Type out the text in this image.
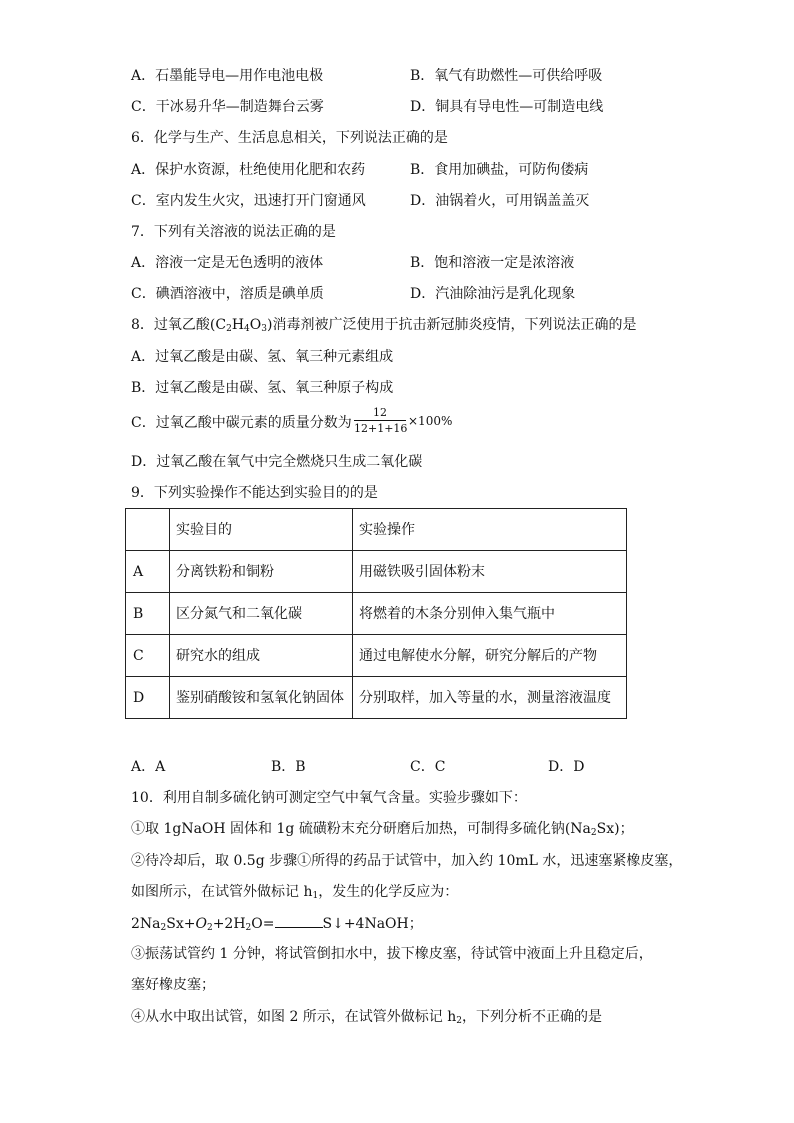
A．石墨能导电—用作电池电极	B．氧气有助燃性—可供给呼吸
C．干冰易升华—制造舞台云雾	D．铜具有导电性—可制造电线
6．化学与生产、生活息息相关，下列说法正确的是
A．保护水资源，杜绝使用化肥和农药	B．食用加碘盐，可防佝偻病
C．室内发生火灾，迅速打开门窗通风	D．油锅着火，可用锅盖盖灭
7．下列有关溶液的说法正确的是
A．溶液一定是无色透明的液体	B．饱和溶液一定是浓溶液
C．碘酒溶液中，溶质是碘单质	D．汽油除油污是乳化现象
8．过氧乙酸$(C_2H_4O_3)$消毒剂被广泛使用于抗击新冠肺炎疫情，下列说法正确的是
A．过氧乙酸是由碳、氢、氧三种元素组成
B．过氧乙酸是由碳、氢、氧三种原子构成
C．过氧乙酸中碳元素的质量分数为
12
12+1+16
×100%
D．过氧乙酸在氧气中完全燃烧只生成二氧化碳
9．下列实验操作不能达到实验目的的是
	实验目的	实验操作
A	分离铁粉和铜粉	用磁铁吸引固体粉末
B	区分氮气和二氧化碳	将燃着的木条分别伸入集气瓶中
C	研究水的组成	通过电解使水分解，研究分解后的产物
D	鉴别硝酸铵和氢氧化钠固体	分别取样，加入等量的水，测量溶液温度
A．A	B．B	C．C	D．D
10．利用自制多硫化钠可测定空气中氧气含量。实验步骤如下：
①取 1gNaOH 固体和 1g 硫磺粉末充分研磨后加热，可制得多硫化钠$(Na_2Sx)$；
②待冷却后，取 0.5g 步骤①所得的药品于试管中，加入约 10mL 水，迅速塞紧橡皮塞，
如图所示，在试管外做标记 $h_1$，发生的化学反应为：
$2Na_2Sx+O_2+2H_2O=$	S↓+4NaOH；
③振荡试管约 1 分钟，将试管倒扣水中，拔下橡皮塞，待试管中液面上升且稳定后，
塞好橡皮塞；
④从水中取出试管，如图 2 所示，在试管外做标记 $h_2$，下列分析不正确的是
